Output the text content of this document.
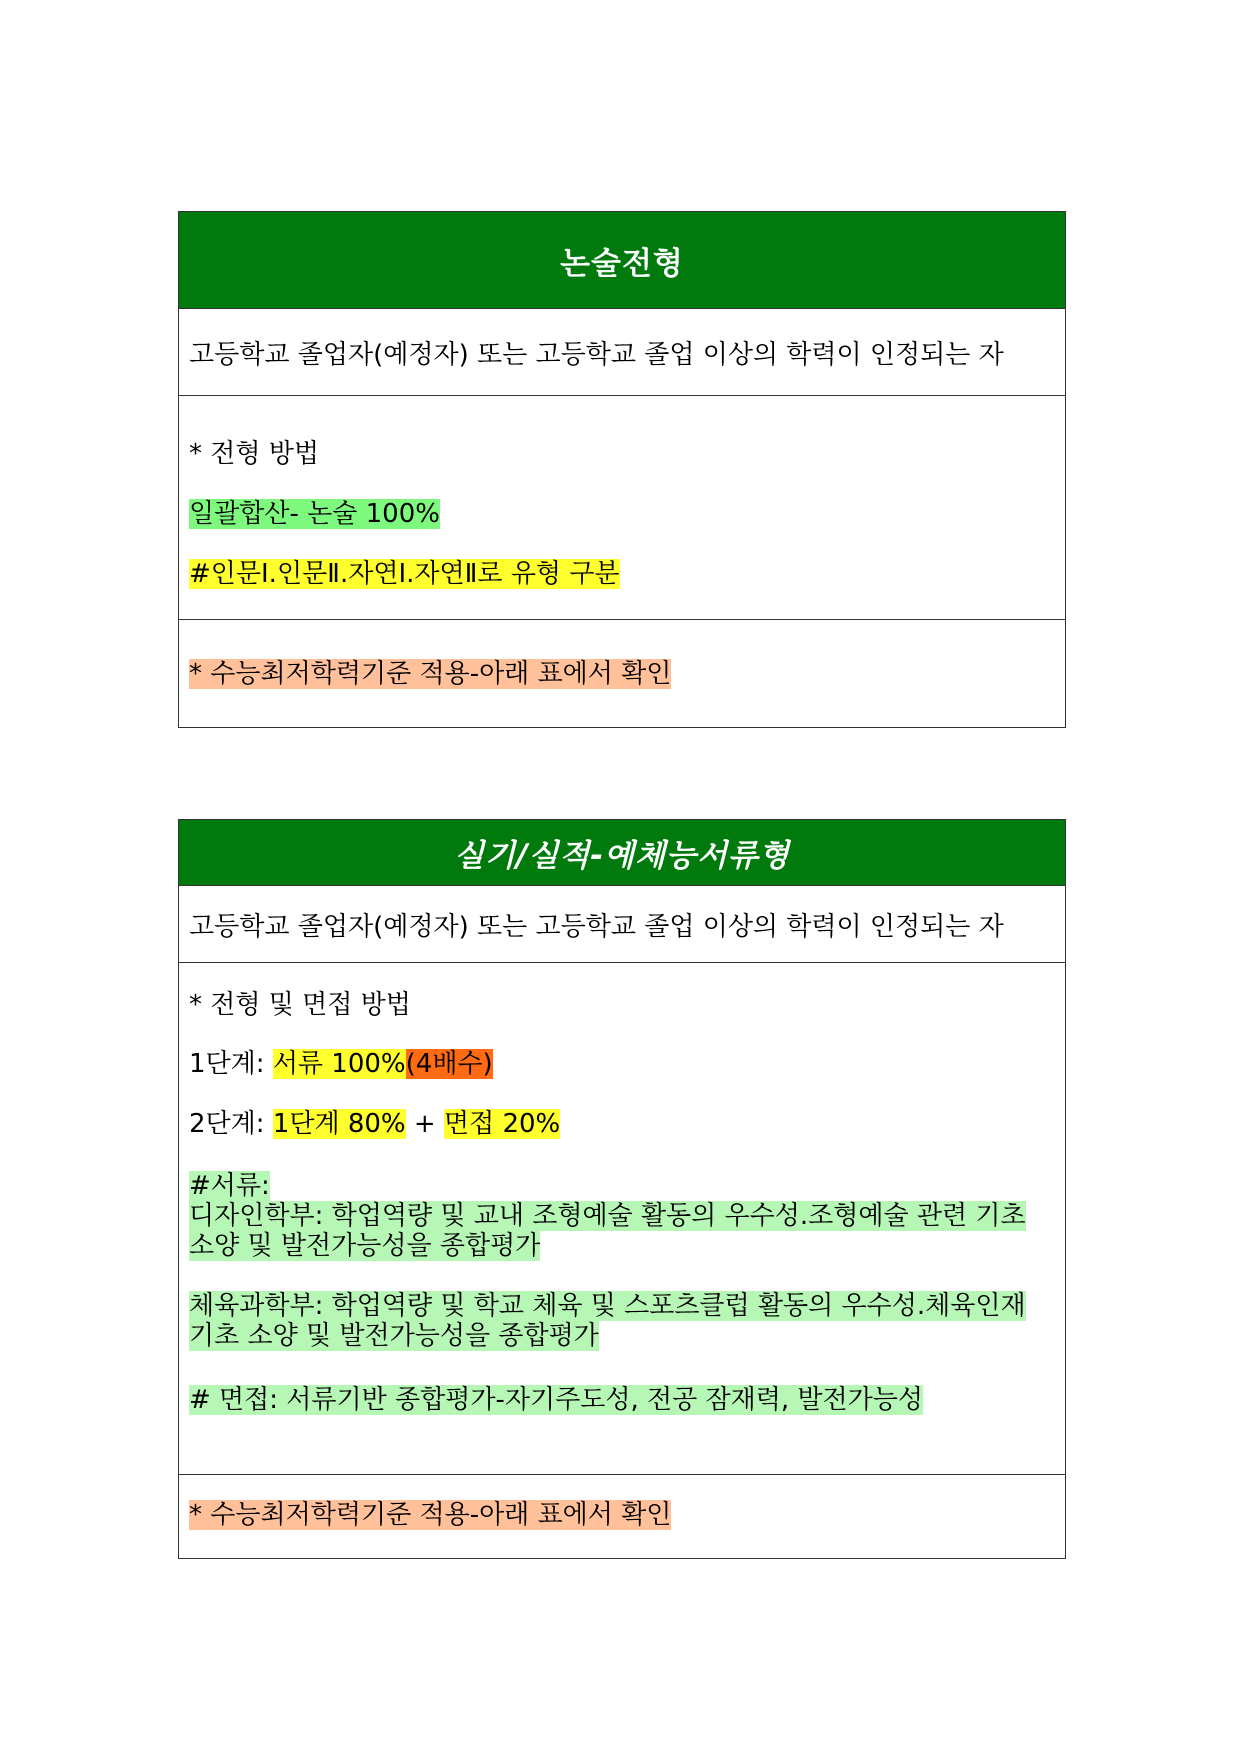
논술전형
고등학교 졸업자(예정자) 또는 고등학교 졸업 이상의 학력이 인정되는 자
* 전형 방법
일괄합산- 논술 100%
#인문Ⅰ.인문Ⅱ.자연Ⅰ.자연Ⅱ로 유형 구분
* 수능최저학력기준 적용-아래 표에서 확인
실기/실적-예체능서류형
고등학교 졸업자(예정자) 또는 고등학교 졸업 이상의 학력이 인정되는 자
* 전형 및 면접 방법
1단계: 서류 100%(4배수)
2단계: 1단계 80% + 면접 20%
#서류:
디자인학부: 학업역량 및 교내 조형예술 활동의 우수성.조형예술 관련 기초 소양 및 발전가능성을 종합평가
체육과학부: 학업역량 및 학교 체육 및 스포츠클럽 활동의 우수성.체육인재 기초 소양 및 발전가능성을 종합평가
# 면접: 서류기반 종합평가-자기주도성, 전공 잠재력, 발전가능성
* 수능최저학력기준 적용-아래 표에서 확인
